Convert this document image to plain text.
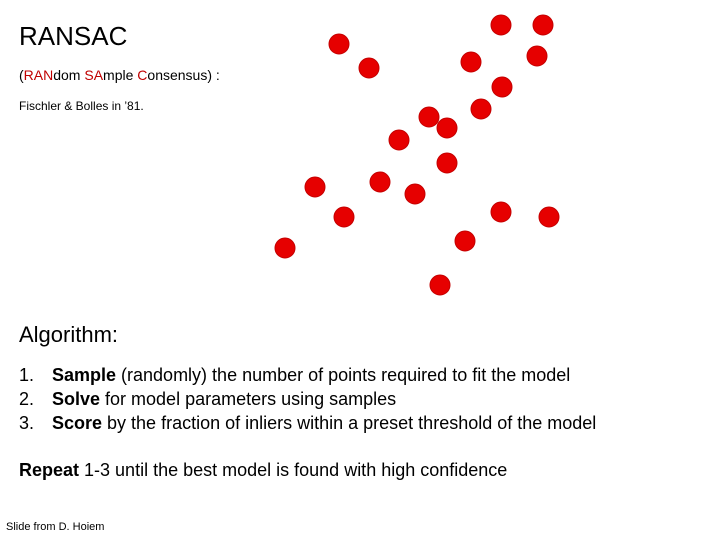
RANSAC
(RANdom SAmple Consensus) :
Fischler & Bolles in ’81.
Algorithm:
1. Sample (randomly) the number of points required to fit the model
2. Solve for model parameters using samples
3. Score by the fraction of inliers within a preset threshold of the model
Repeat 1-3 until the best model is found with high confidence
Slide from D. Hoiem
